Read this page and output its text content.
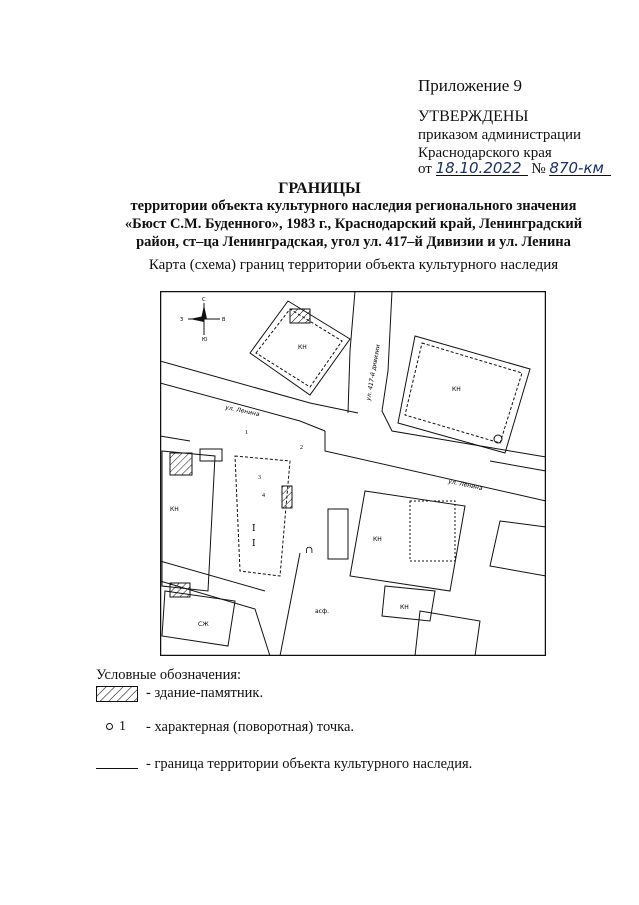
Приложение 9
УТВЕРЖДЕНЫ
приказом администрации
Краснодарского края
от 18.10.2022 № 870-км
ГРАНИЦЫ
территории объекта культурного наследия регионального значения
«Бюст С.М. Буденного», 1983 г., Краснодарский край, Ленинградский
район, ст–ца Ленинградская, угол ул. 417–й Дивизии и ул. Ленина
Карта (схема) границ территории объекта культурного наследия
КН
КН
КН
I
I
∩
1
2
3
4
КН
КН
СЖ
асф.
ул. Ленина
ул. Ленина
ул. 417-й дивизии
С
Ю
З	В
Условные обозначения:
- здание-памятник.
1 - характерная (поворотная) точка.
- граница территории объекта культурного наследия.
